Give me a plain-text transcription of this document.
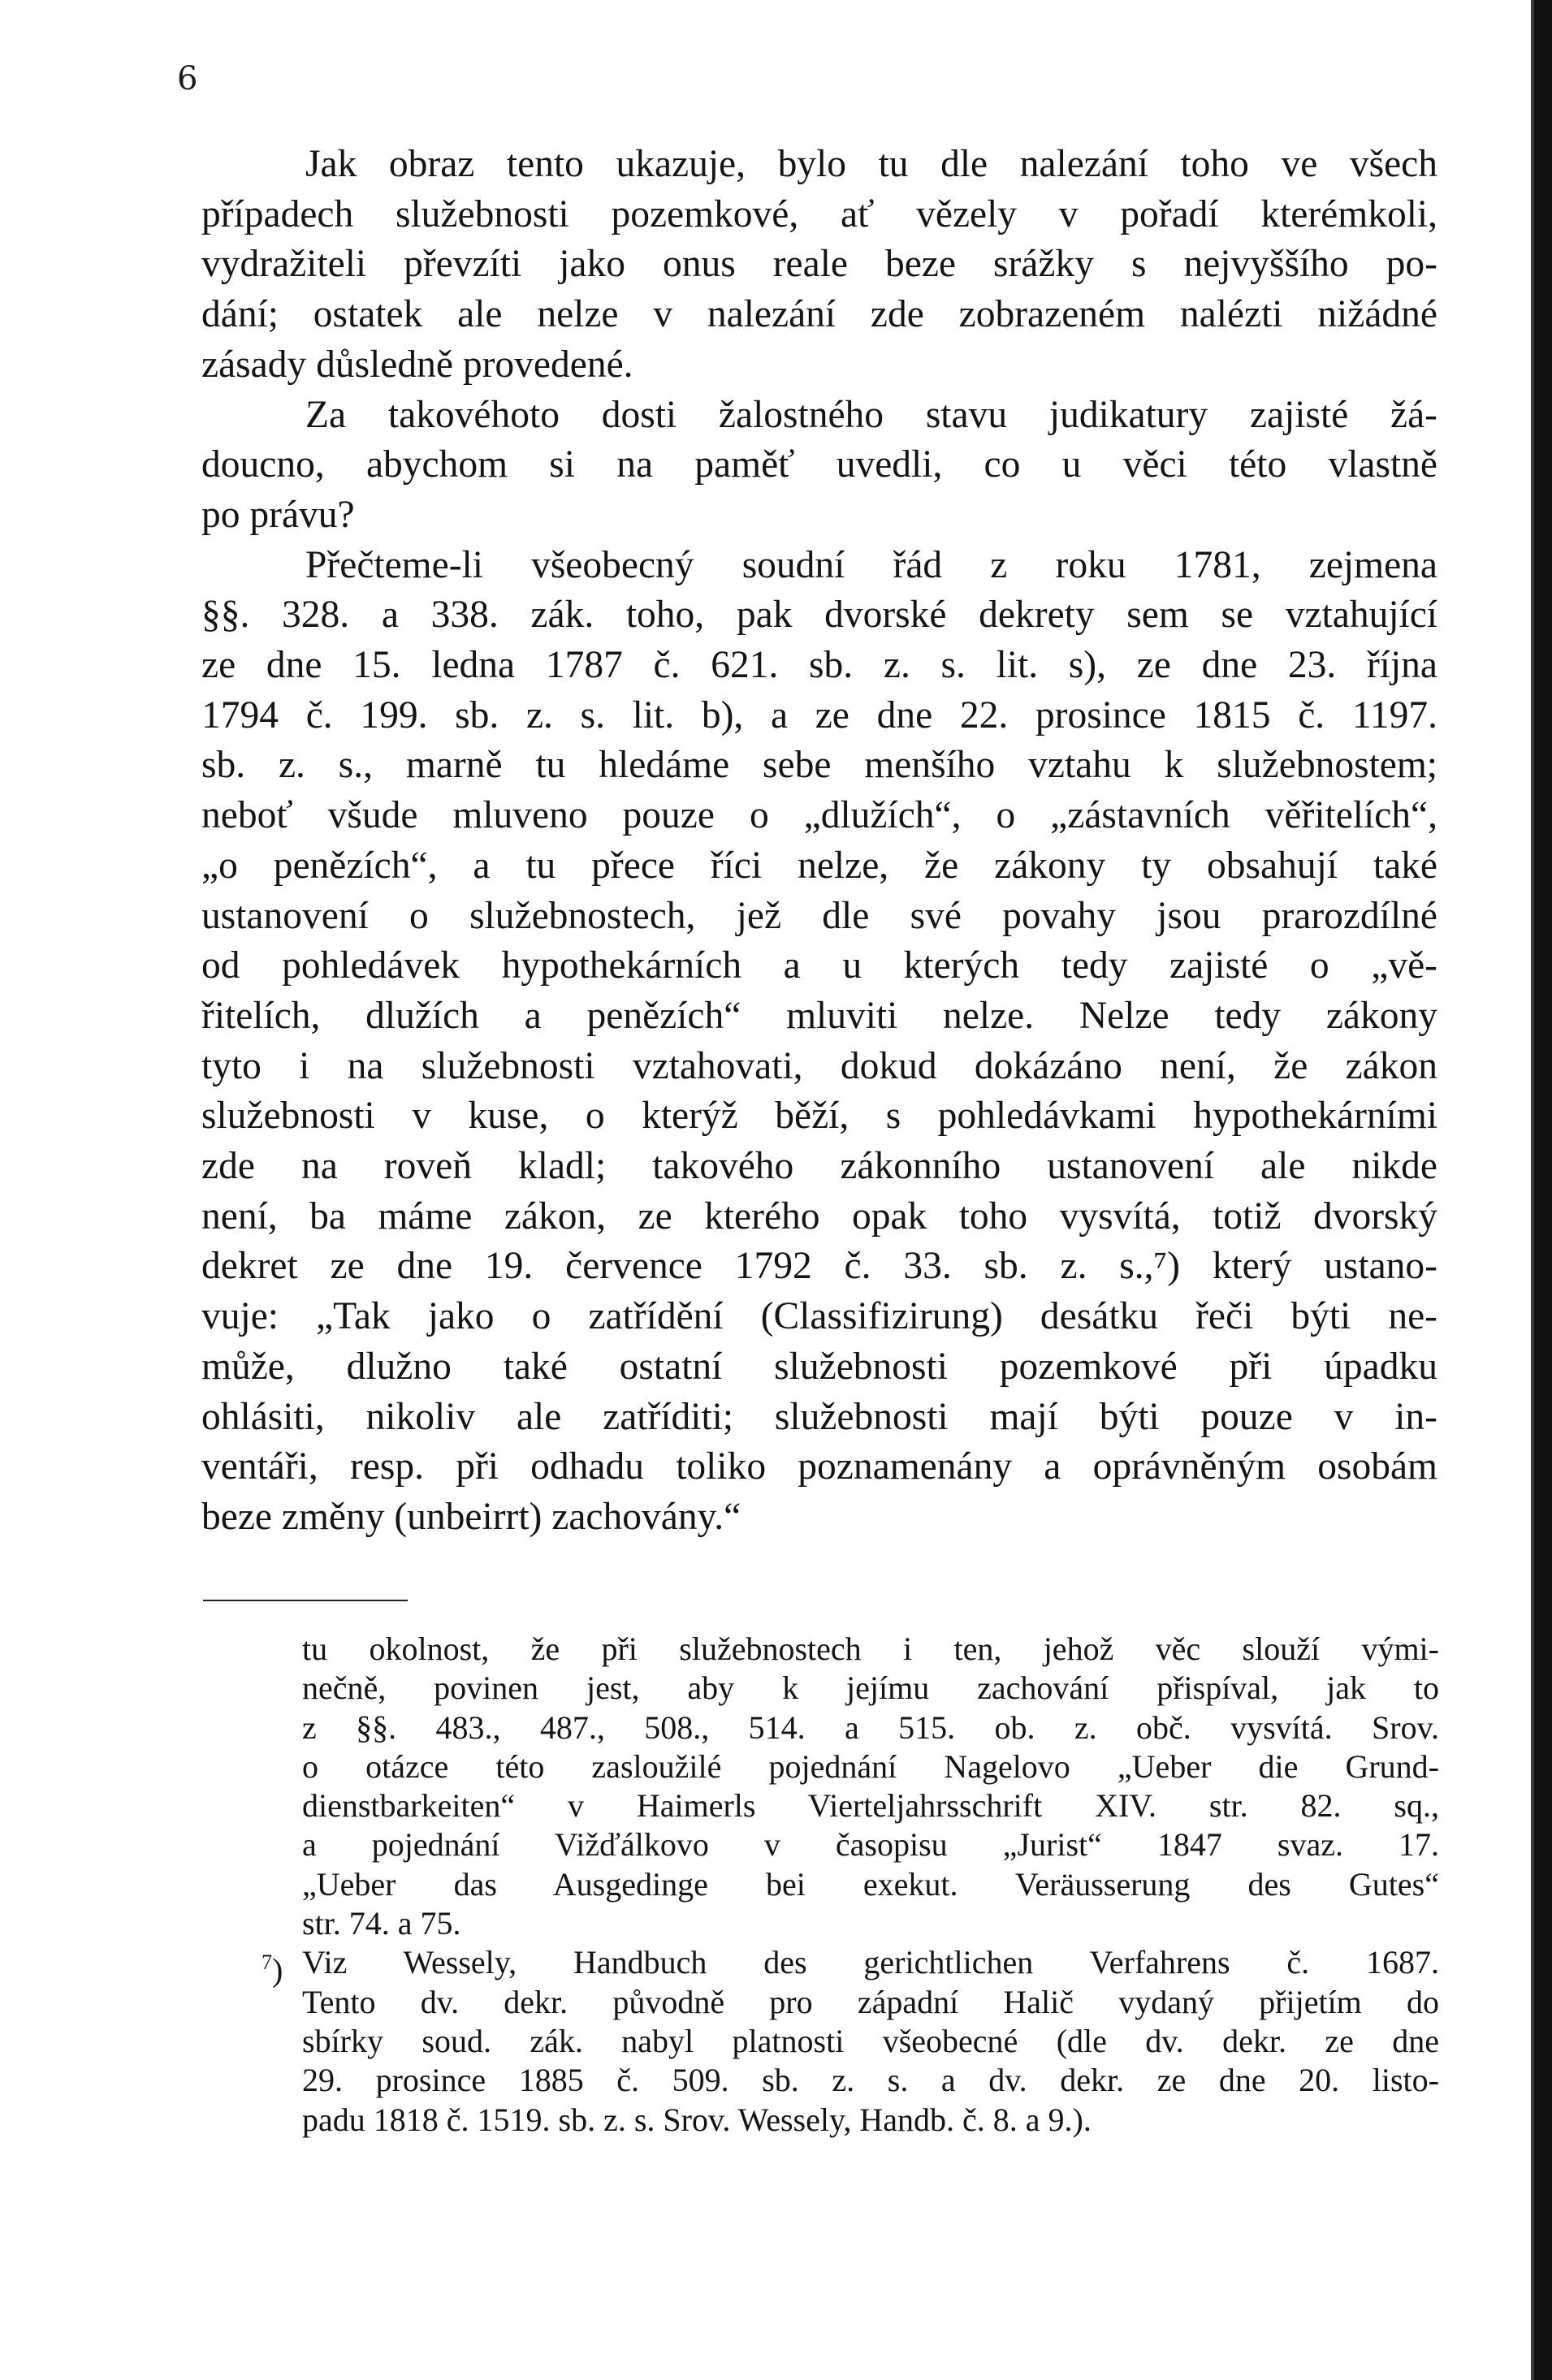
6
Jak obraz tento ukazuje, bylo tu dle nalezání toho ve všech
případech služebnosti pozemkové, ať vězely v pořadí kterémkoli,
vydražiteli převzíti jako onus reale beze srážky s nejvyššího po-
dání; ostatek ale nelze v nalezání zde zobrazeném nalézti nižádné
zásady důsledně provedené.
Za takovéhoto dosti žalostného stavu judikatury zajisté žá-
doucno, abychom si na paměť uvedli, co u věci této vlastně
po právu?
Přečteme-li všeobecný soudní řád z roku 1781, zejmena
§§. 328. a 338. zák. toho, pak dvorské dekrety sem se vztahující
ze dne 15. ledna 1787 č. 621. sb. z. s. lit. s), ze dne 23. října
1794 č. 199. sb. z. s. lit. b), a ze dne 22. prosince 1815 č. 1197.
sb. z. s., marně tu hledáme sebe menšího vztahu k služebnostem;
neboť všude mluveno pouze o „dlužích“, o „zástavních věřitelích“,
„o penězích“, a tu přece říci nelze, že zákony ty obsahují také
ustanovení o služebnostech, jež dle své povahy jsou prarozdílné
od pohledávek hypothekárních a u kterých tedy zajisté o „vě-
řitelích, dlužích a penězích“ mluviti nelze. Nelze tedy zákony
tyto i na služebnosti vztahovati, dokud dokázáno není, že zákon
služebnosti v kuse, o kterýž běží, s pohledávkami hypothekárními
zde na roveň kladl; takového zákonního ustanovení ale nikde
není, ba máme zákon, ze kterého opak toho vysvítá, totiž dvorský
dekret ze dne 19. července 1792 č. 33. sb. z. s.,⁷) který ustano-
vuje: „Tak jako o zatřídění (Classifizirung) desátku řeči býti ne-
může, dlužno také ostatní služebnosti pozemkové při úpadku
ohlásiti, nikoliv ale zatříditi; služebnosti mají býti pouze v in-
ventáři, resp. při odhadu toliko poznamenány a oprávněným osobám
beze změny (unbeirrt) zachovány.“
tu okolnost, že při služebnostech i ten, jehož věc slouží vými-
nečně, povinen jest, aby k jejímu zachování přispíval, jak to
z §§. 483., 487., 508., 514. a 515. ob. z. obč. vysvítá. Srov.
o otázce této zasloužilé pojednání Nagelovo „Ueber die Grund-
dienstbarkeiten“ v Haimerls Vierteljahrsschrift XIV. str. 82. sq.,
a pojednání Vižďálkovo v časopisu „Jurist“ 1847 svaz. 17.
„Ueber das Ausgedinge bei exekut. Veräusserung des Gutes“
str. 74. a 75.
$^7$) Viz Wessely, Handbuch des gerichtlichen Verfahrens č. 1687.
Tento dv. dekr. původně pro západní Halič vydaný přijetím do
sbírky soud. zák. nabyl platnosti všeobecné (dle dv. dekr. ze dne
29. prosince 1885 č. 509. sb. z. s. a dv. dekr. ze dne 20. listo-
padu 1818 č. 1519. sb. z. s. Srov. Wessely, Handb. č. 8. a 9.).
